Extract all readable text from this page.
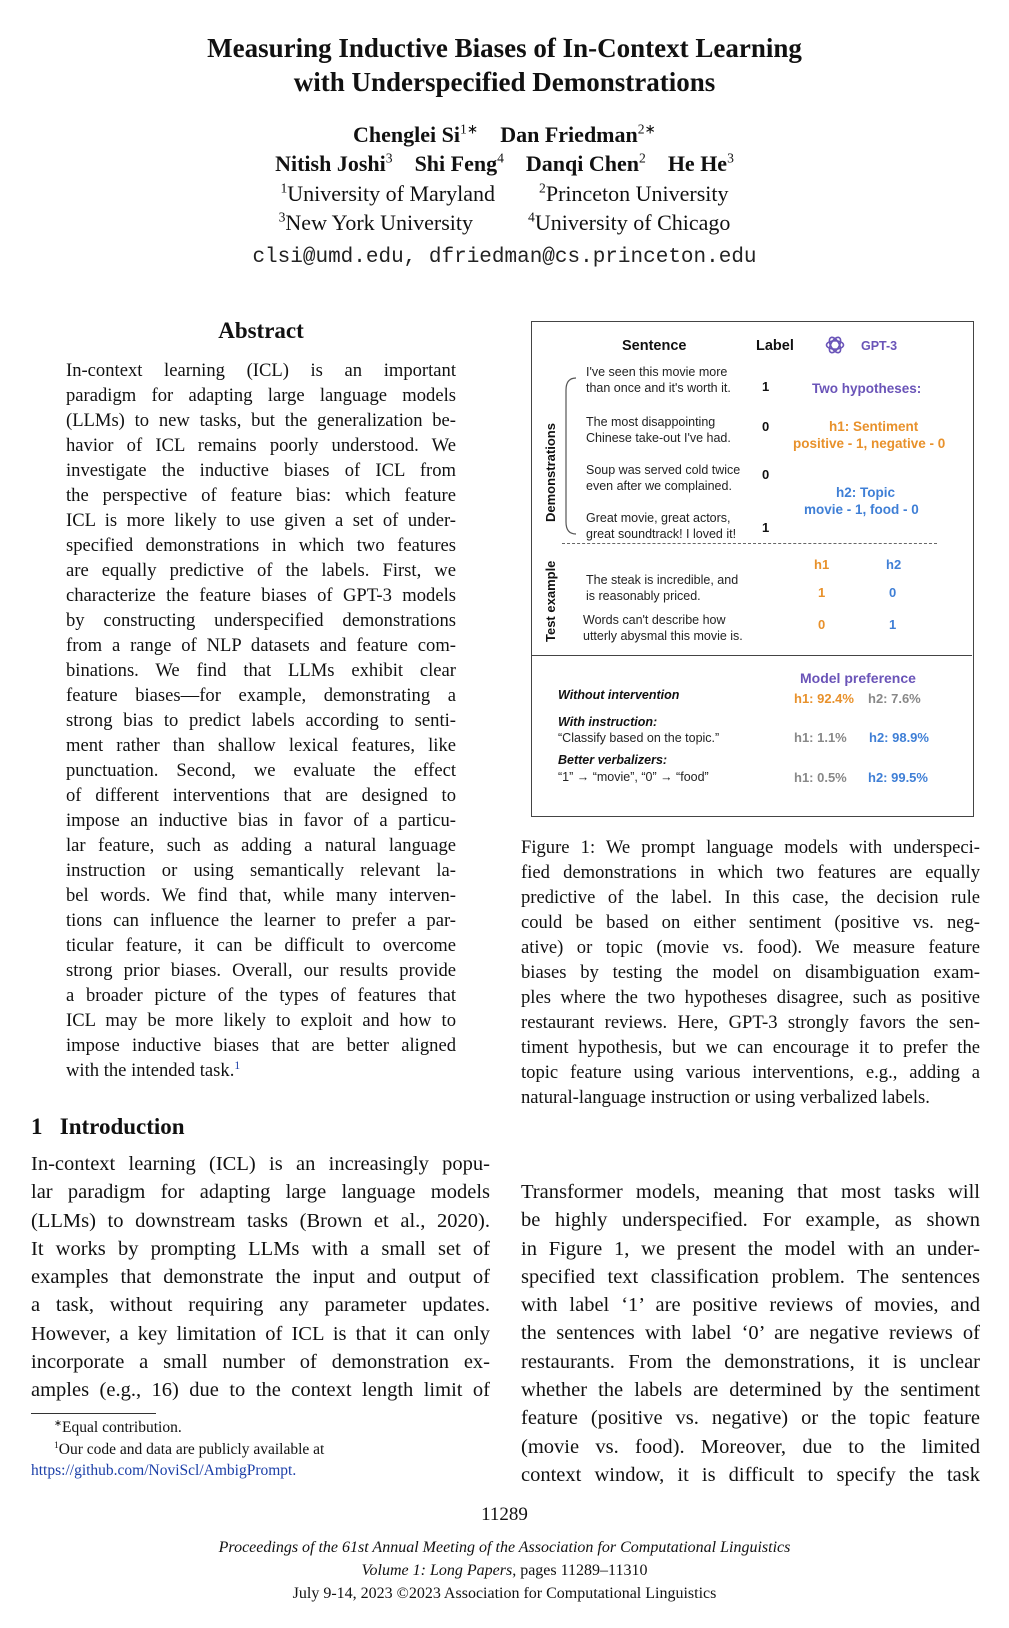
Measuring Inductive Biases of In-Context Learning
with Underspecified Demonstrations
Chenglei $Si^{1∗}$ Dan Friedman$^{2∗}$
Nitish Joshi$^3$ Shi Feng$^4$ Danqi Chen$^2$ He He$^3$
$^1$University of Maryland	$^2$Princeton University
$^3$New York University	$^4$University of Chicago
clsi@umd.edu, dfriedman@cs.princeton.edu
Abstract
In-context learning (ICL) is an important
paradigm for adapting large language models
(LLMs) to new tasks, but the generalization be-
havior of ICL remains poorly understood. We
investigate the inductive biases of ICL from
the perspective of feature bias: which feature
ICL is more likely to use given a set of under-
specified demonstrations in which two features
are equally predictive of the labels. First, we
characterize the feature biases of GPT-3 models
by constructing underspecified demonstrations
from a range of NLP datasets and feature com-
binations. We find that LLMs exhibit clear
feature biases—for example, demonstrating a
strong bias to predict labels according to senti-
ment rather than shallow lexical features, like
punctuation. Second, we evaluate the effect
of different interventions that are designed to
impose an inductive bias in favor of a particu-
lar feature, such as adding a natural language
instruction or using semantically relevant la-
bel words. We find that, while many interven-
tions can influence the learner to prefer a par-
ticular feature, it can be difficult to overcome
strong prior biases. Overall, our results provide
a broader picture of the types of features that
ICL may be more likely to exploit and how to
impose inductive biases that are better aligned
with the intended task.$^1$
1 Introduction
In-context learning (ICL) is an increasingly popu-
lar paradigm for adapting large language models
(LLMs) to downstream tasks (Brown et al., 2020).
It works by prompting LLMs with a small set of
examples that demonstrate the input and output of
a task, without requiring any parameter updates.
However, a key limitation of ICL is that it can only
incorporate a small number of demonstration ex-
amples (e.g., 16) due to the context length limit of
∗Equal contribution.
$^1$Our code and data are publicly available at
https://github.com/NoviScl/AmbigPrompt.
Sentence	Label	GPT-3
Demonstrations
I've seen this movie more
than once and it's worth it. 1
The most disappointing
Chinese take-out I've had.
0
Soup was served cold twice
even after we complained.
0
Great movie, great actors,
great soundtrack! I loved it! 1
Two hypotheses:
h1: Sentiment
positive - 1, negative - 0
h2: Topic
movie - 1, food - 0
Test example	h1	h2
The steak is incredible, and
is reasonably priced.	1	0
Words can't describe how
utterly abysmal this movie is.
0	1
Model preference
Without intervention	h1: 92.4% h2: 7.6%
With instruction:
“Classify based on the topic.”	h1: 1.1% h2: 98.9%
Better verbalizers:
“1” → “movie”, “0” → “food”	h1: 0.5% h2: 99.5%
Figure 1: We prompt language models with underspeci-
fied demonstrations in which two features are equally
predictive of the label. In this case, the decision rule
could be based on either sentiment (positive vs. neg-
ative) or topic (movie vs. food). We measure feature
biases by testing the model on disambiguation exam-
ples where the two hypotheses disagree, such as positive
restaurant reviews. Here, GPT-3 strongly favors the sen-
timent hypothesis, but we can encourage it to prefer the
topic feature using various interventions, e.g., adding a
natural-language instruction or using verbalized labels.
Transformer models, meaning that most tasks will
be highly underspecified. For example, as shown
in Figure 1, we present the model with an under-
specified text classification problem. The sentences
with label ‘1’ are positive reviews of movies, and
the sentences with label ‘0’ are negative reviews of
restaurants. From the demonstrations, it is unclear
whether the labels are determined by the sentiment
feature (positive vs. negative) or the topic feature
(movie vs. food). Moreover, due to the limited
context window, it is difficult to specify the task
11289
Proceedings of the 61st Annual Meeting of the Association for Computational Linguistics
Volume 1: Long Papers, pages 11289–11310
July 9-14, 2023 ©2023 Association for Computational Linguistics
